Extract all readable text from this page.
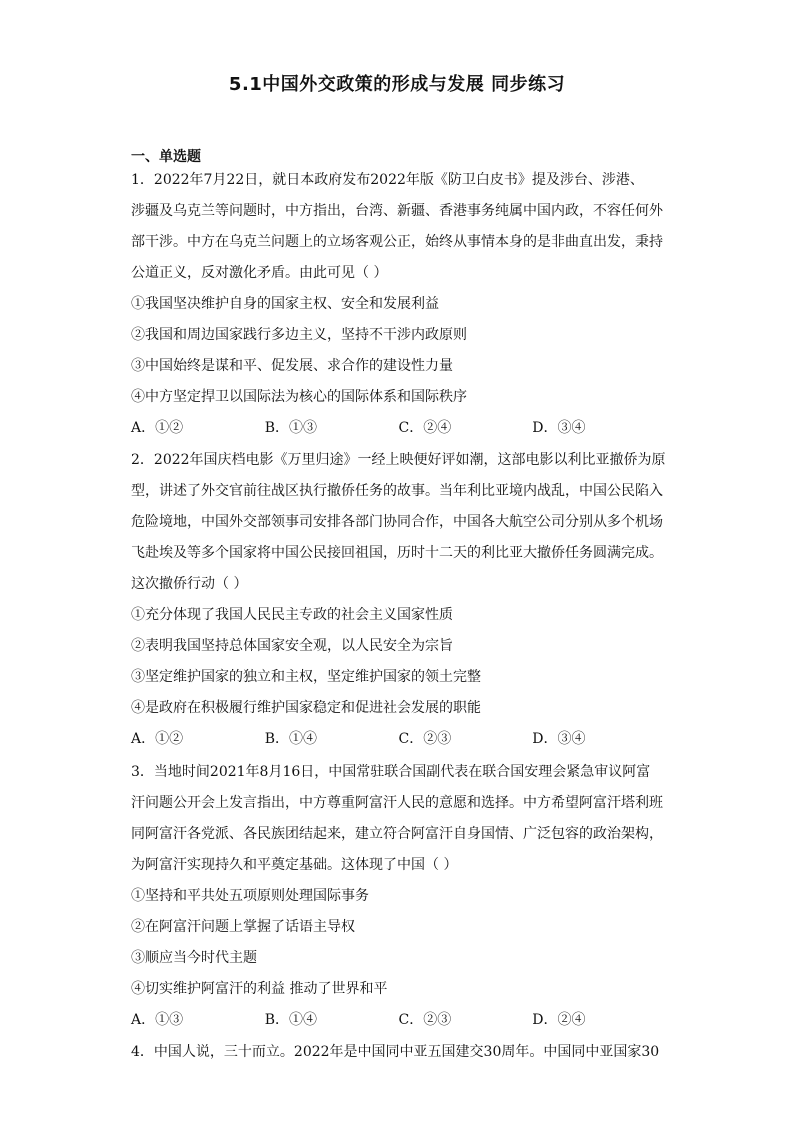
5.1中国外交政策的形成与发展 同步练习
一、单选题
1．2022年7月22日，就日本政府发布2022年版《防卫白皮书》提及涉台、涉港、
涉疆及乌克兰等问题时，中方指出，台湾、新疆、香港事务纯属中国内政，不容任何外
部干涉。中方在乌克兰问题上的立场客观公正，始终从事情本身的是非曲直出发，秉持
公道正义，反对激化矛盾。由此可见（ ）
①我国坚决维护自身的国家主权、安全和发展利益
②我国和周边国家践行多边主义，坚持不干涉内政原则
③中国始终是谋和平、促发展、求合作的建设性力量
④中方坚定捍卫以国际法为核心的国际体系和国际秩序
A．①②	B．①③	C．②④	D．③④
2．2022年国庆档电影《万里归途》一经上映便好评如潮，这部电影以利比亚撤侨为原
型，讲述了外交官前往战区执行撤侨任务的故事。当年利比亚境内战乱，中国公民陷入
危险境地，中国外交部领事司安排各部门协同合作，中国各大航空公司分别从多个机场
飞赴埃及等多个国家将中国公民接回祖国，历时十二天的利比亚大撤侨任务圆满完成。
这次撤侨行动（ ）
①充分体现了我国人民民主专政的社会主义国家性质
②表明我国坚持总体国家安全观，以人民安全为宗旨
③坚定维护国家的独立和主权，坚定维护国家的领土完整
④是政府在积极履行维护国家稳定和促进社会发展的职能
A．①②	B．①④	C．②③	D．③④
3．当地时间2021年8月16日，中国常驻联合国副代表在联合国安理会紧急审议阿富
汗问题公开会上发言指出，中方尊重阿富汗人民的意愿和选择。中方希望阿富汗塔利班
同阿富汗各党派、各民族团结起来，建立符合阿富汗自身国情、广泛包容的政治架构，
为阿富汗实现持久和平奠定基础。这体现了中国（ ）
①坚持和平共处五项原则处理国际事务
②在阿富汗问题上掌握了话语主导权
③顺应当今时代主题
④切实维护阿富汗的利益 推动了世界和平
A．①③	B．①④	C．②③	D．②④
4．中国人说，三十而立。2022年是中国同中亚五国建交30周年。中国同中亚国家30
